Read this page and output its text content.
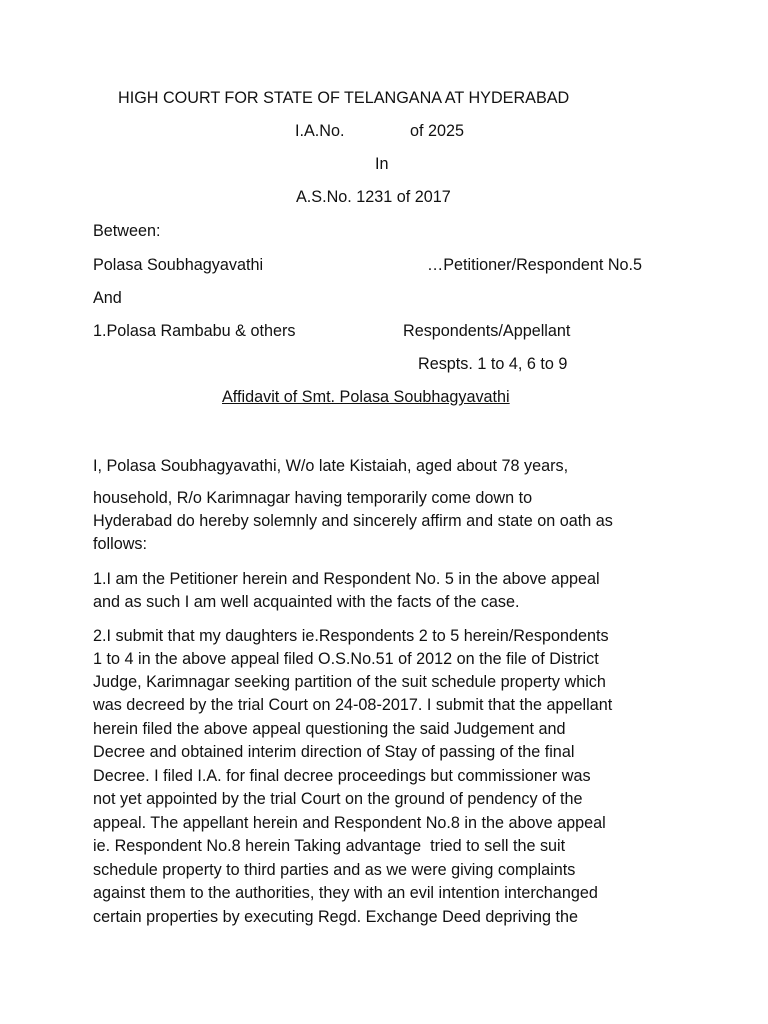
HIGH COURT FOR STATE OF TELANGANA AT HYDERABAD
I.A.No.	of 2025
In
A.S.No. 1231 of 2017
Between:
Polasa Soubhagyavathi	…Petitioner/Respondent No.5
And
1.Polasa Rambabu & others	Respondents/Appellant
Respts. 1 to 4, 6 to 9
Affidavit of Smt. Polasa Soubhagyavathi
I, Polasa Soubhagyavathi, W/o late Kistaiah, aged about 78 years,
household, R/o Karimnagar having temporarily come down to
Hyderabad do hereby solemnly and sincerely affirm and state on oath as
follows:
1.I am the Petitioner herein and Respondent No. 5 in the above appeal
and as such I am well acquainted with the facts of the case.
2.I submit that my daughters ie.Respondents 2 to 5 herein/Respondents
1 to 4 in the above appeal filed O.S.No.51 of 2012 on the file of District
Judge, Karimnagar seeking partition of the suit schedule property which
was decreed by the trial Court on 24-08-2017. I submit that the appellant
herein filed the above appeal questioning the said Judgement and
Decree and obtained interim direction of Stay of passing of the final
Decree. I filed I.A. for final decree proceedings but commissioner was
not yet appointed by the trial Court on the ground of pendency of the
appeal. The appellant herein and Respondent No.8 in the above appeal
ie. Respondent No.8 herein Taking advantage  tried to sell the suit
schedule property to third parties and as we were giving complaints
against them to the authorities, they with an evil intention interchanged
certain properties by executing Regd. Exchange Deed depriving the
